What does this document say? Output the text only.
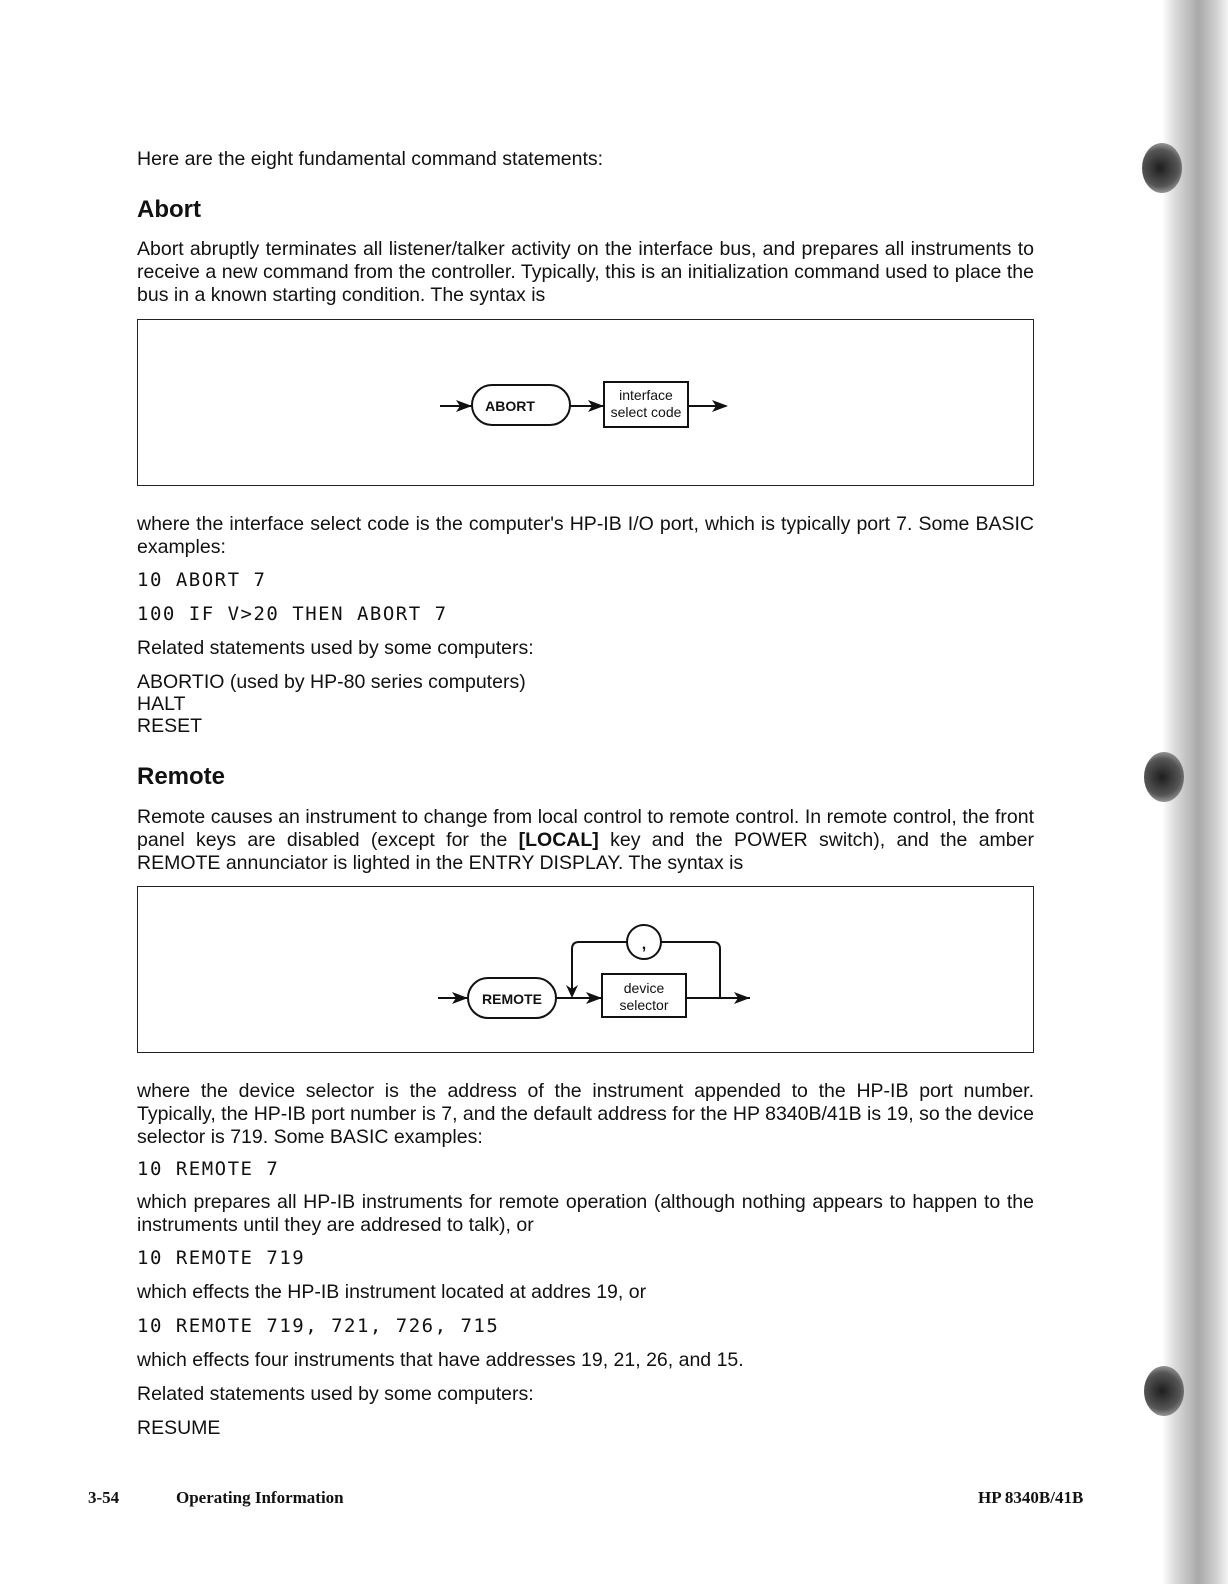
Here are the eight fundamental command statements:

Abort

Abort abruptly terminates all listener/talker activity on the interface bus, and prepares all instruments to receive a new command from the controller. Typically, this is an initialization command used to place the bus in a known starting condition. The syntax is

ABORT
interface
select code

where the interface select code is the computer's HP-IB I/O port, which is typically port 7. Some BASIC examples:

10 ABORT 7
100 IF V>20 THEN ABORT 7

Related statements used by some computers:

ABORTIO (used by HP-80 series computers)

HALT

RESET

Remote

Remote causes an instrument to change from local control to remote control. In remote control, the front panel keys are disabled (except for the [LOCAL] key and the POWER switch), and the amber REMOTE annunciator is lighted in the ENTRY DISPLAY. The syntax is

REMOTE
,
device
selector

where the device selector is the address of the instrument appended to the HP-IB port number. Typically, the HP-IB port number is 7, and the default address for the HP 8340B/41B is 19, so the device selector is 719. Some BASIC examples:

10 REMOTE 7

which prepares all HP-IB instruments for remote operation (although nothing appears to happen to the instruments until they are addresed to talk), or

10 REMOTE 719

which effects the HP-IB instrument located at addres 19, or

10 REMOTE 719, 721, 726, 715

which effects four instruments that have addresses 19, 21, 26, and 15.

Related statements used by some computers:

RESUME

3-54	Operating Information	HP 8340B/41B
